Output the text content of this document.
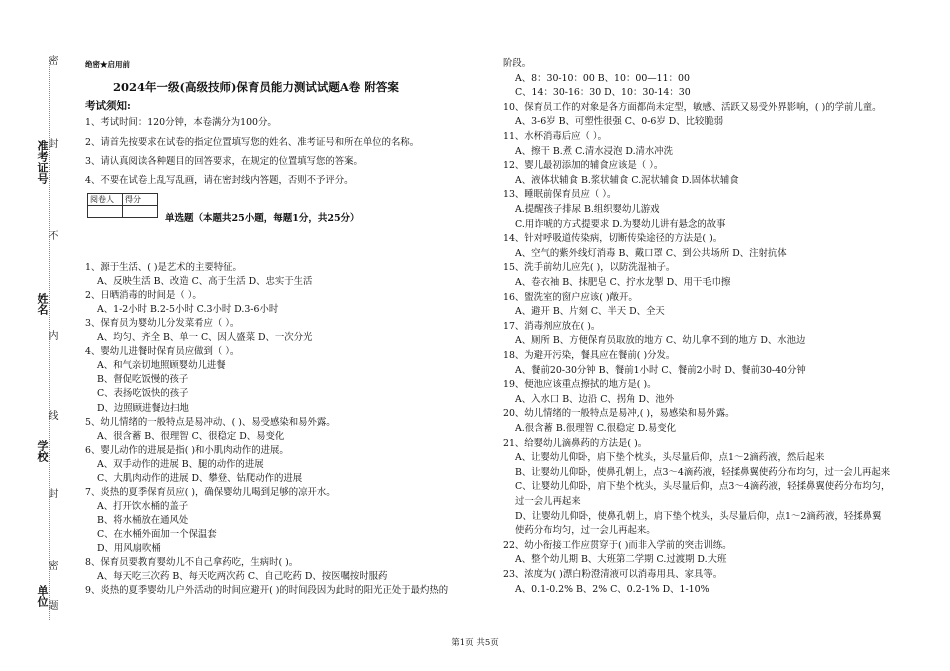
准考证号
姓名
学校
单位
密
封
不
内
线
封
密
题
绝密★启用前
2024年一级(高级技师)保育员能力测试试题A卷 附答案
考试须知:
1、考试时间：120分钟，本卷满分为100分。
2、请首先按要求在试卷的指定位置填写您的姓名、准考证号和所在单位的名称。
3、请认真阅读各种题目的回答要求，在规定的位置填写您的答案。
4、不要在试卷上乱写乱画，请在密封线内答题，否则不予评分。
阅卷人	得分

单选题（本题共25小题，每题1分，共25分）
1、源于生活、( )是艺术的主要特征。
A、反映生活 B、改造 C、高于生活 D、忠实于生活
2、日晒消毒的时间是（ ）。
A、1-2小时 B.2-5小时 C.3小时 D.3-6小时
3、保育员为婴幼儿分发菜肴应（ ）。
A、均匀、齐全 B、单一 C、因人盛菜 D、一次分光
4、婴幼儿进餐时保育员应做到（ ）。
A、和气亲切地照顾婴幼儿进餐
B、督促吃饭慢的孩子
C、表扬吃饭快的孩子
D、边照顾进餐边扫地
5、幼儿情绪的一般特点是易冲动、( )、易受感染和易外露。
A、很含蓄 B、很理智 C、很稳定 D、易变化
6、婴儿动作的进展是指( )和小肌肉动作的进展。
A、双手动作的进展 B、腿的动作的进展
C、大肌肉动作的进展 D、攀登、钻爬动作的进展
7、炎热的夏季保育员应( )，确保婴幼儿喝到足够的凉开水。
A、打开饮水桶的盖子
B、将水桶放在通风处
C、在水桶外面加一个保温套
D、用风扇吹桶
8、保育员要教育婴幼儿不自己拿药吃，生病时( )。
A、每天吃三次药 B、每天吃两次药 C、自己吃药 D、按医嘱按时服药
9、炎热的夏季婴幼儿户外活动的时间应避开( )的时间段因为此时的阳光正处于最灼热的
阶段。
A、8：30-10：00 B、10：00—11：00
C、14：30-16：30 D、10：30-14：30
10、保育员工作的对象是各方面都尚未定型，敏感、活跃又易受外界影响，( )的学前儿童。
A、3-6岁 B、可塑性很强 C、0-6岁 D、比较脆弱
11、水杯消毒后应（ ）。
A、擦干 B.煮 C.清水浸泡 D.清水冲洗
12、婴儿最初添加的辅食应该是（ ）。
A、液体状辅食 B.浆状辅食 C.泥状辅食 D.固体状辅食
13、睡眠前保育员应（ ）。
A.提醒孩子排尿 B.组织婴幼儿游戏
C.用诈唬的方式提要求 D.为婴幼儿讲有悬念的故事
14、针对呼吸道传染病，切断传染途径的方法是( )。
A、空气的紫外线灯消毒 B、戴口罩 C、到公共场所 D、注射抗体
15、洗手前幼儿应先( )，以防洗湿袖子。
A、卷衣袖 B、抹肥皂 C、拧水龙掣 D、用干毛巾擦
16、盥洗室的窗户应该( )敞开。
A、避开 B、片刻 C、半天 D、全天
17、消毒剂应放在( )。
A、厕所 B、方便保育员取放的地方 C、幼儿拿不到的地方 D、水池边
18、为避开污染，餐具应在餐前( )分发。
A、餐前20-30分钟 B、餐前1小时 C、餐前2小时 D、餐前30-40分钟
19、便池应该重点擦拭的地方是( )。
A、入水口 B、边沿 C、拐角 D、池外
20、幼儿情绪的一般特点是易冲,( )，易感染和易外露。
A.很含蓄 B.很理智 C.很稳定 D.易变化
21、给婴幼儿滴鼻药的方法是( )。
A、让婴幼儿仰卧，肩下垫个枕头，头尽量后仰，点1～2滴药液，然后起来
B、让婴幼儿仰卧，使鼻孔朝上，点3～4滴药液，轻揉鼻翼使药分布均匀，过一会儿再起来
C、让婴幼儿仰卧，肩下垫个枕头，头尽量后仰，点3～4滴药液，轻揉鼻翼使药分布均匀，
过一会儿再起来
D、让婴幼儿仰卧，使鼻孔朝上，肩下垫个枕头，头尽量后仰，点1～2滴药液，轻揉鼻翼
使药分布均匀，过一会儿再起来。
22、幼小衔接工作应贯穿于( )而非入学前的突击训练。
A、整个幼儿期 B、大班第二学期 C.过渡期 D.大班
23、浓度为( )漂白粉澄清液可以消毒用具、家具等。
A、0.1-0.2% B、2% C、0.2-1% D、1-10%
第1页 共5页
